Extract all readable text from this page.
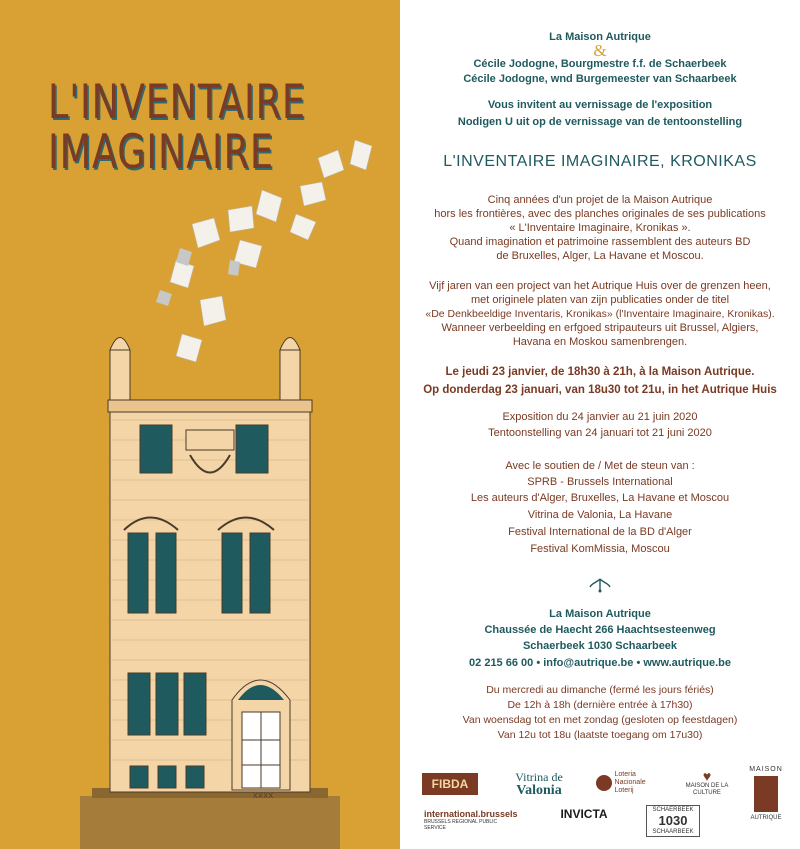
L'INVENTAIRE
IMAGINAIRE
XXXX
La Maison Autrique
&
Cécile Jodogne, Bourgmestre f.f. de Schaerbeek
Cécile Jodogne, wnd Burgemeester van Schaarbeek
Vous invitent au vernissage de l'exposition
Nodigen U uit op de vernissage van de tentoonstelling
L'INVENTAIRE IMAGINAIRE, KRONIKAS
Cinq années d'un projet de la Maison Autrique
hors les frontières, avec des planches originales de ses publications
« L'Inventaire Imaginaire, Kronikas ».
Quand imagination et patrimoine rassemblent des auteurs BD
de Bruxelles, Alger, La Havane et Moscou.
Vijf jaren van een project van het Autrique Huis over de grenzen heen,
met originele platen van zijn publicaties onder de titel
«De Denkbeeldige Inventaris, Kronikas» (l'Inventaire Imaginaire, Kronikas).
Wanneer verbeelding en erfgoed stripauteurs uit Brussel, Algiers,
Havana en Moskou samenbrengen.
Le jeudi 23 janvier, de 18h30 à 21h, à la Maison Autrique.
Op donderdag 23 januari, van 18u30 tot 21u, in het Autrique Huis
Exposition du 24 janvier au 21 juin 2020
Tentoonstelling van 24 januari tot 21 juni 2020
Avec le soutien de / Met de steun van :
SPRB - Brussels International
Les auteurs d'Alger, Bruxelles, La Havane et Moscou
Vitrina de Valonia, La Havane
Festival International de la BD d'Alger
Festival KomMissia, Moscou
La Maison Autrique
Chaussée de Haecht 266 Haachtsesteenweg
Schaerbeek 1030 Schaarbeek
02 215 66 00 • info@autrique.be • www.autrique.be
Du mercredi au dimanche (fermé les jours fériés)
De 12h à 18h (dernière entrée à 17h30)
Van woensdag tot en met zondag (gesloten op feestdagen)
Van 12u tot 18u (laatste toegang om 17u30)
FIBDA	Vitrina de
Valonia
Loteria Nacionale Loterij
♥
MAISON DE LA CULTURE
MAISON
AUTRIQUE
international.brussels
BRUSSELS REGIONAL PUBLIC SERVICE
INVICTA	SCHAERBEEK
1030
SCHAARBEEK
